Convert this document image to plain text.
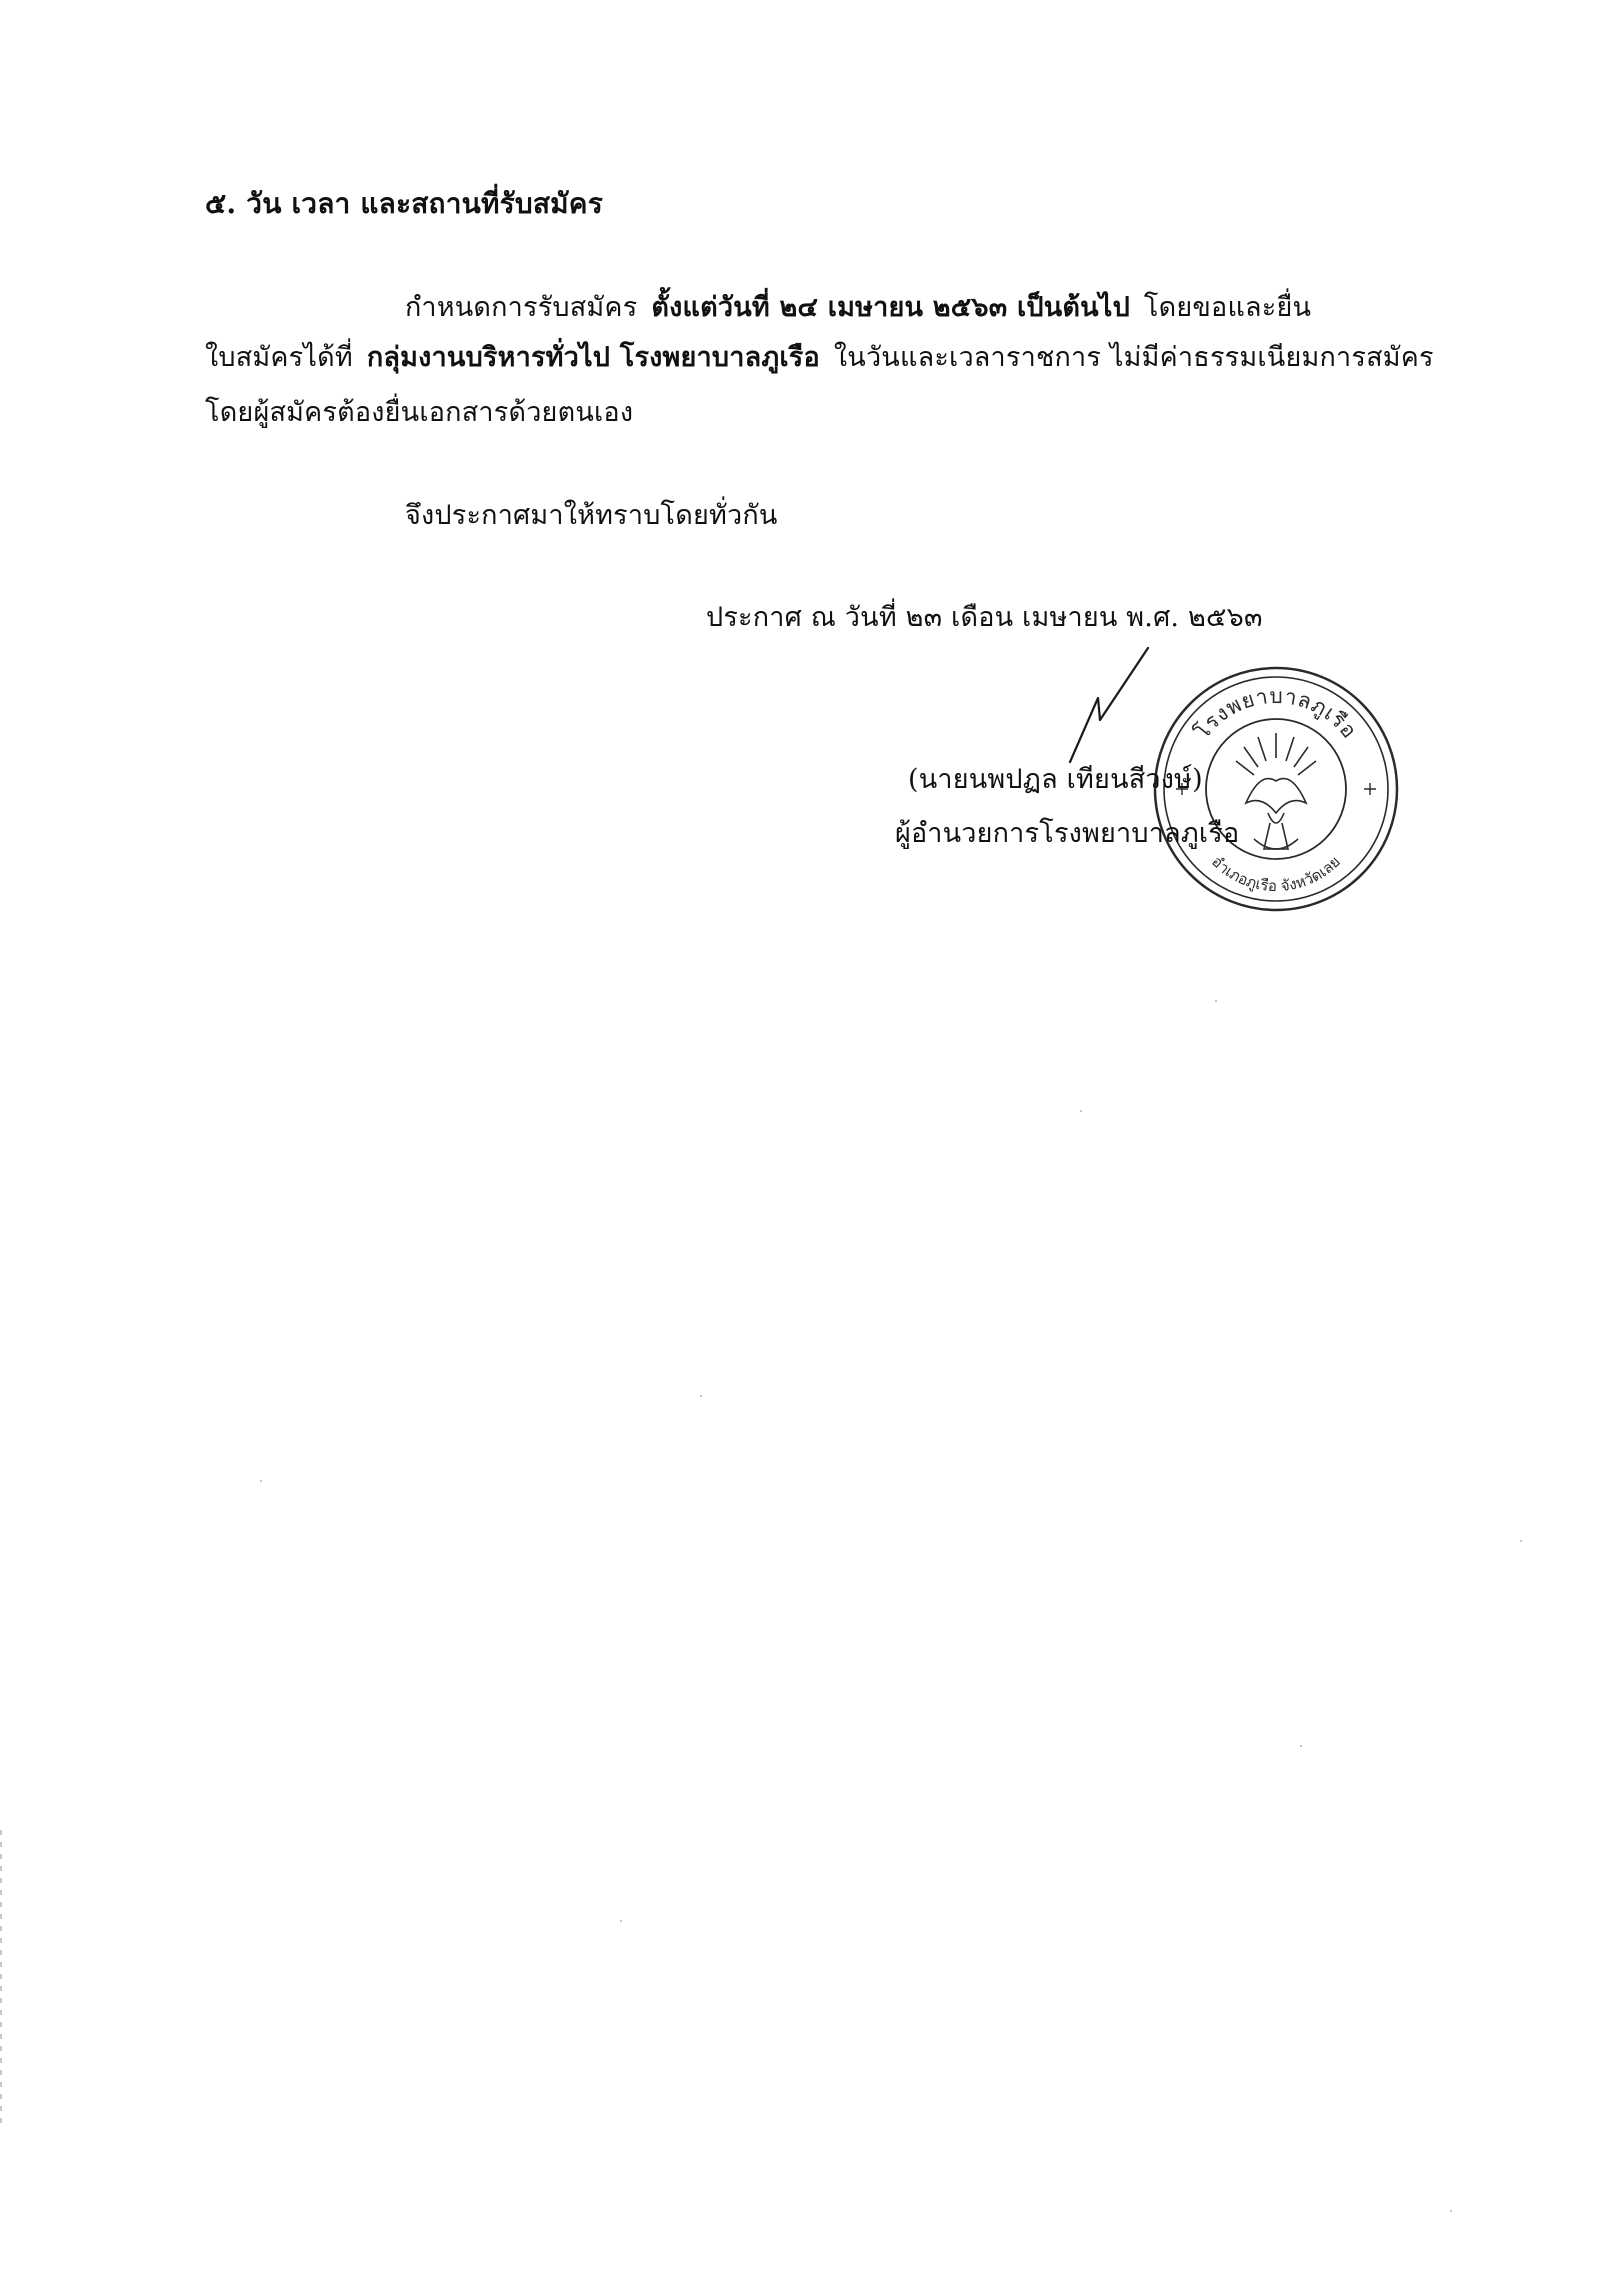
๕. วัน เวลา และสถานที่รับสมัคร
กำหนดการรับสมัคร ตั้งแต่วันที่ ๒๔ เมษายน ๒๕๖๓ เป็นต้นไป โดยขอและยื่น
ใบสมัครได้ที่ กลุ่มงานบริหารทั่วไป โรงพยาบาลภูเรือ ในวันและเวลาราชการ ไม่มีค่าธรรมเนียมการสมัคร
โดยผู้สมัครต้องยื่นเอกสารด้วยตนเอง
จึงประกาศมาให้ทราบโดยทั่วกัน
ประกาศ ณ วันที่ ๒๓ เดือน เมษายน พ.ศ. ๒๕๖๓
โรงพยาบาลภูเรือ
อำเภอภูเรือ จังหวัดเลย
(นายนพปฏล เทียนสีวงษ์)
ผู้อำนวยการโรงพยาบาลภูเรือ
